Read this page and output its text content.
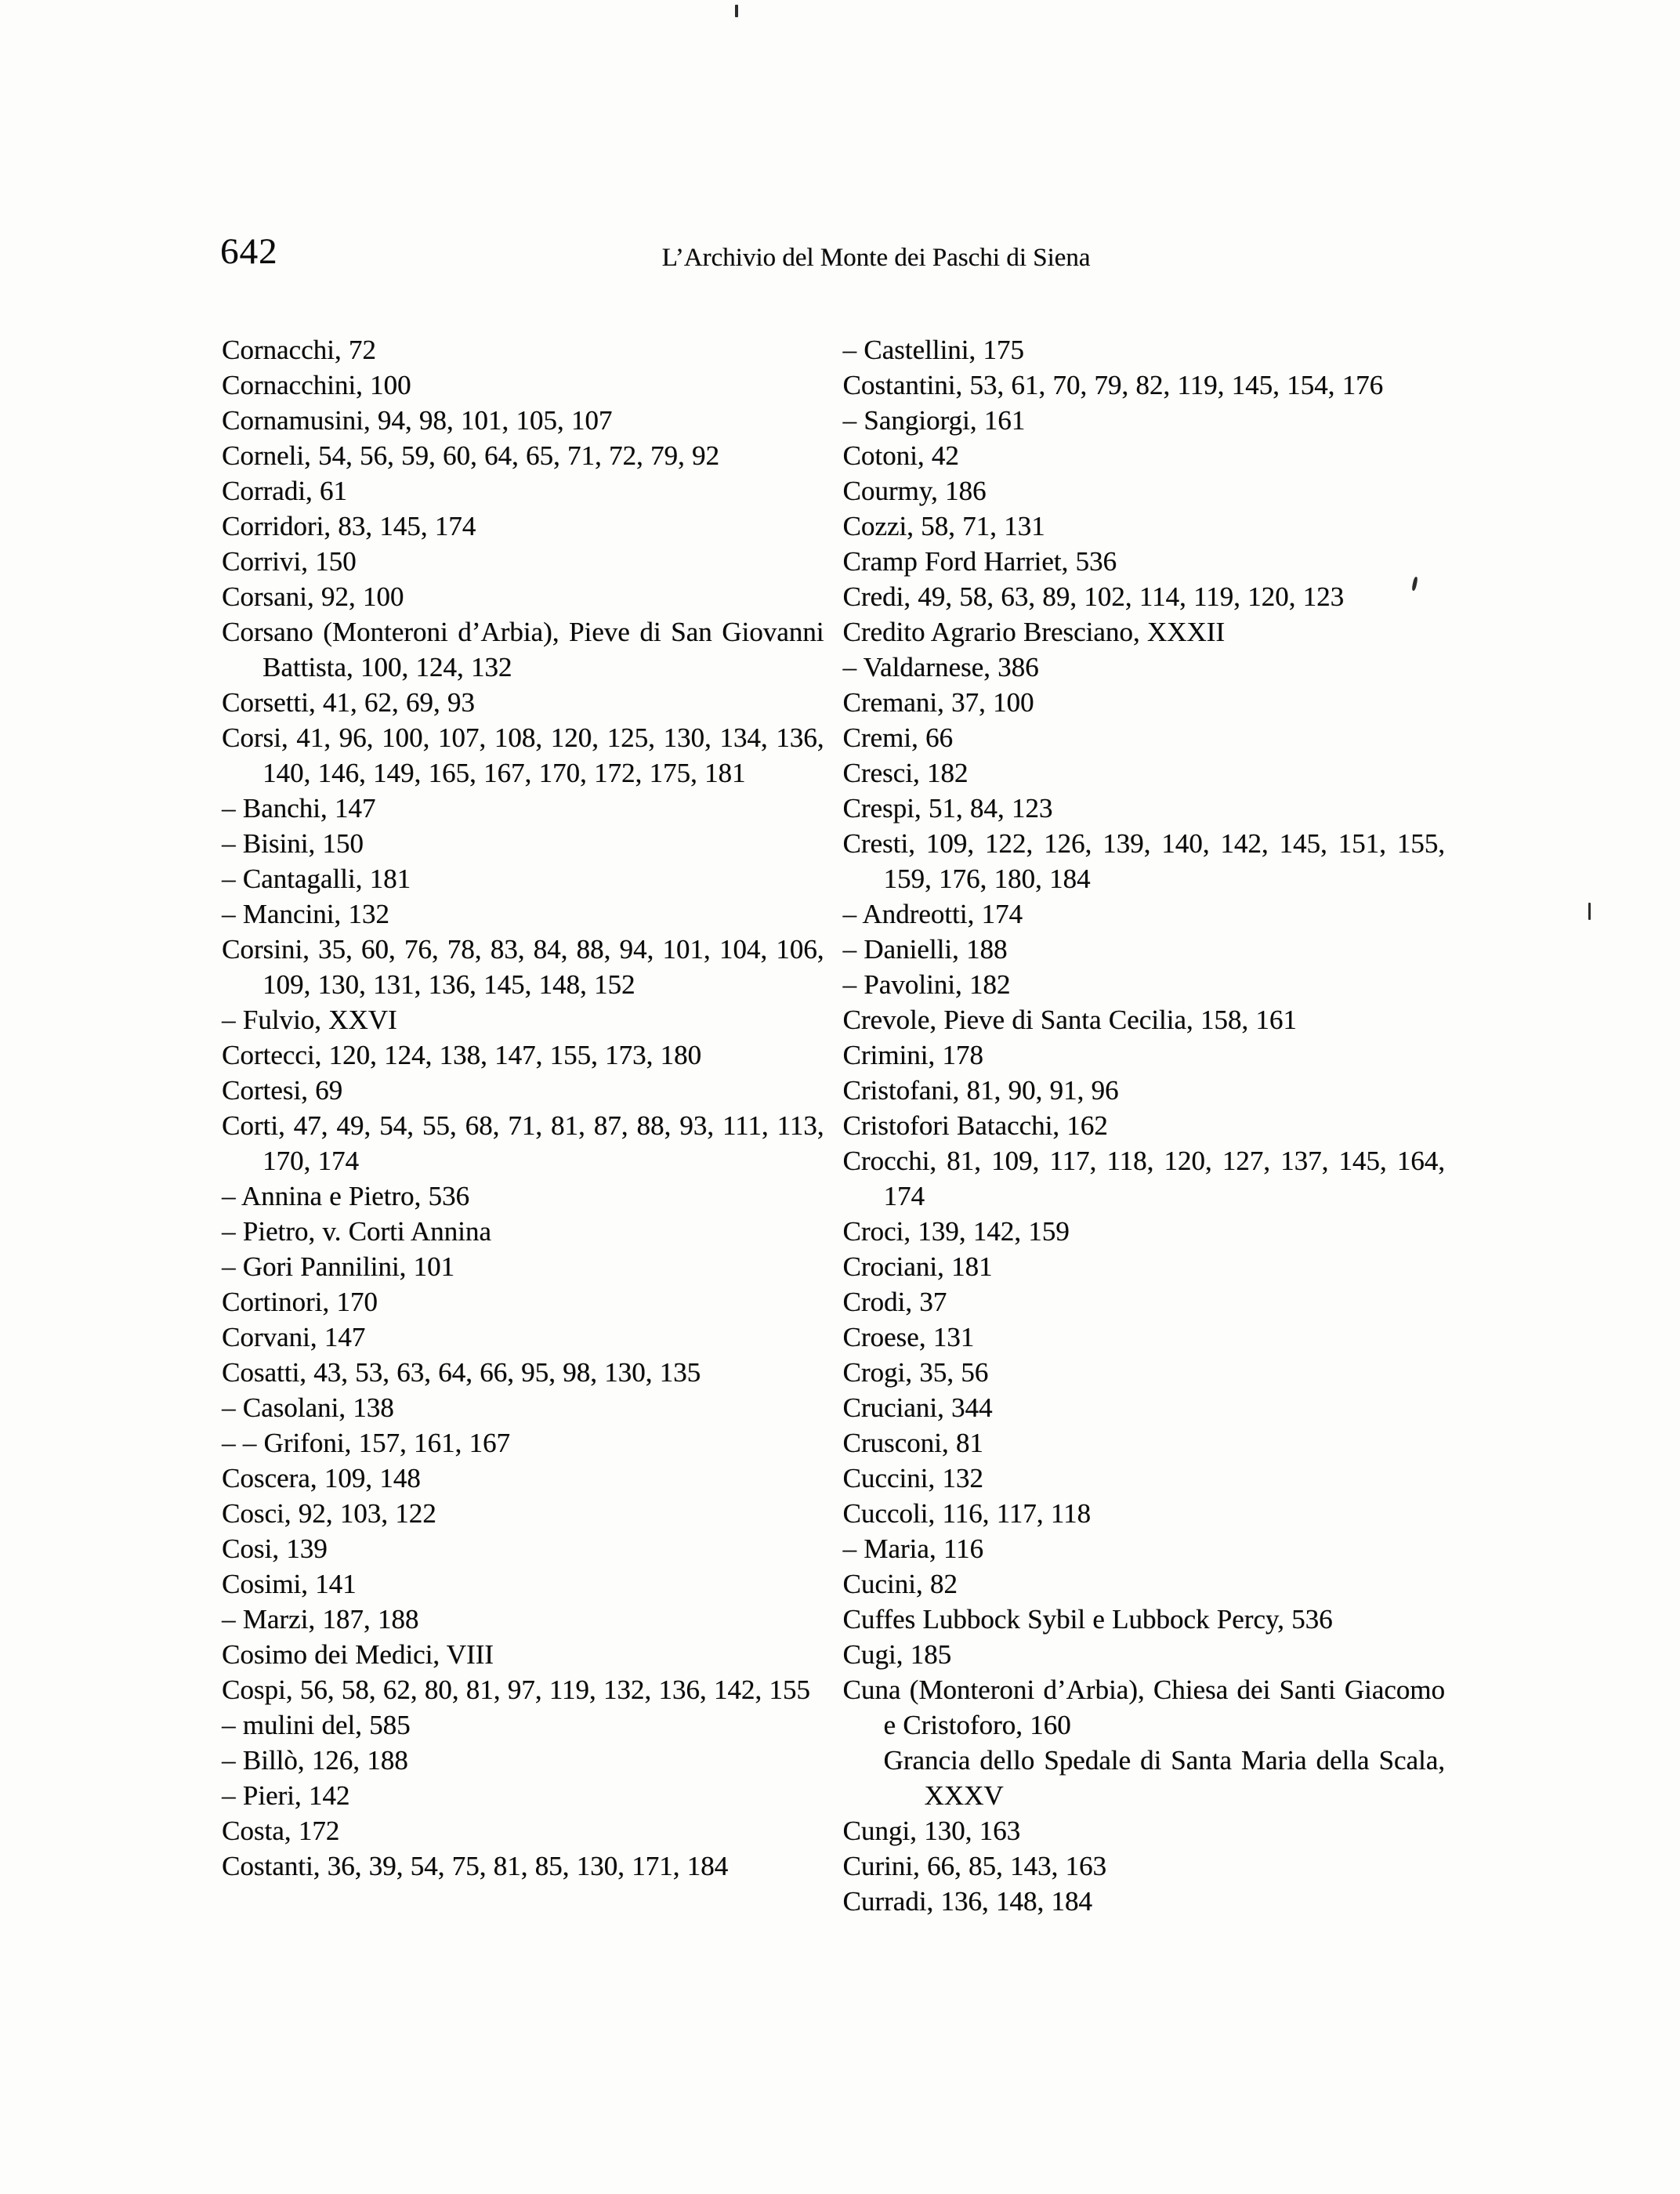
642	L’Archivio del Monte dei Paschi di Siena
Cornacchi, 72
Cornacchini, 100
Cornamusini, 94, 98, 101, 105, 107
Corneli, 54, 56, 59, 60, 64, 65, 71, 72, 79, 92
Corradi, 61
Corridori, 83, 145, 174
Corrivi, 150
Corsani, 92, 100
Corsano (Monteroni d’Arbia), Pieve di San Giovanni Battista, 100, 124, 132
Corsetti, 41, 62, 69, 93
Corsi, 41, 96, 100, 107, 108, 120, 125, 130, 134, 136, 140, 146, 149, 165, 167, 170, 172, 175, 181
– Banchi, 147
– Bisini, 150
– Cantagalli, 181
– Mancini, 132
Corsini, 35, 60, 76, 78, 83, 84, 88, 94, 101, 104, 106, 109, 130, 131, 136, 145, 148, 152
– Fulvio, XXVI
Cortecci, 120, 124, 138, 147, 155, 173, 180
Cortesi, 69
Corti, 47, 49, 54, 55, 68, 71, 81, 87, 88, 93, 111, 113, 170, 174
– Annina e Pietro, 536
– Pietro, v. Corti Annina
– Gori Pannilini, 101
Cortinori, 170
Corvani, 147
Cosatti, 43, 53, 63, 64, 66, 95, 98, 130, 135
– Casolani, 138
– – Grifoni, 157, 161, 167
Coscera, 109, 148
Cosci, 92, 103, 122
Cosi, 139
Cosimi, 141
– Marzi, 187, 188
Cosimo dei Medici, VIII
Cospi, 56, 58, 62, 80, 81, 97, 119, 132, 136, 142, 155
– mulini del, 585
– Billò, 126, 188
– Pieri, 142
Costa, 172
Costanti, 36, 39, 54, 75, 81, 85, 130, 171, 184
– Castellini, 175
Costantini, 53, 61, 70, 79, 82, 119, 145, 154, 176
– Sangiorgi, 161
Cotoni, 42
Courmy, 186
Cozzi, 58, 71, 131
Cramp Ford Harriet, 536
Credi, 49, 58, 63, 89, 102, 114, 119, 120, 123
Credito Agrario Bresciano, XXXII
– Valdarnese, 386
Cremani, 37, 100
Cremi, 66
Cresci, 182
Crespi, 51, 84, 123
Cresti, 109, 122, 126, 139, 140, 142, 145, 151, 155, 159, 176, 180, 184
– Andreotti, 174
– Danielli, 188
– Pavolini, 182
Crevole, Pieve di Santa Cecilia, 158, 161
Crimini, 178
Cristofani, 81, 90, 91, 96
Cristofori Batacchi, 162
Crocchi, 81, 109, 117, 118, 120, 127, 137, 145, 164, 174
Croci, 139, 142, 159
Crociani, 181
Crodi, 37
Croese, 131
Crogi, 35, 56
Cruciani, 344
Crusconi, 81
Cuccini, 132
Cuccoli, 116, 117, 118
– Maria, 116
Cucini, 82
Cuffes Lubbock Sybil e Lubbock Percy, 536
Cugi, 185
Cuna (Monteroni d’Arbia), Chiesa dei Santi Giacomo e Cristoforo, 160
Grancia dello Spedale di Santa Maria della Scala, XXXV
Cungi, 130, 163
Curini, 66, 85, 143, 163
Curradi, 136, 148, 184
